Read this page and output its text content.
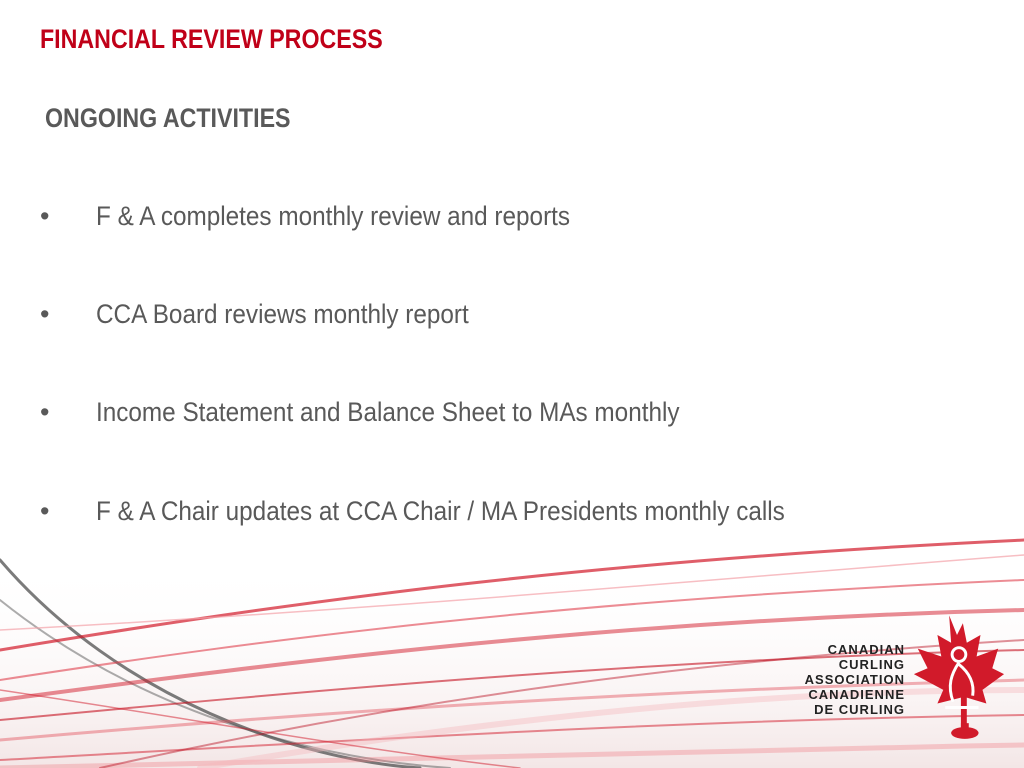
FINANCIAL REVIEW PROCESS
ONGOING ACTIVITIES
• F & A completes monthly review and reports
• CCA Board reviews monthly report
• Income Statement and Balance Sheet to MAs monthly
• F & A Chair updates at CCA Chair / MA Presidents monthly calls
CANADIAN
CURLING
ASSOCIATION
CANADIENNE
DE CURLING
